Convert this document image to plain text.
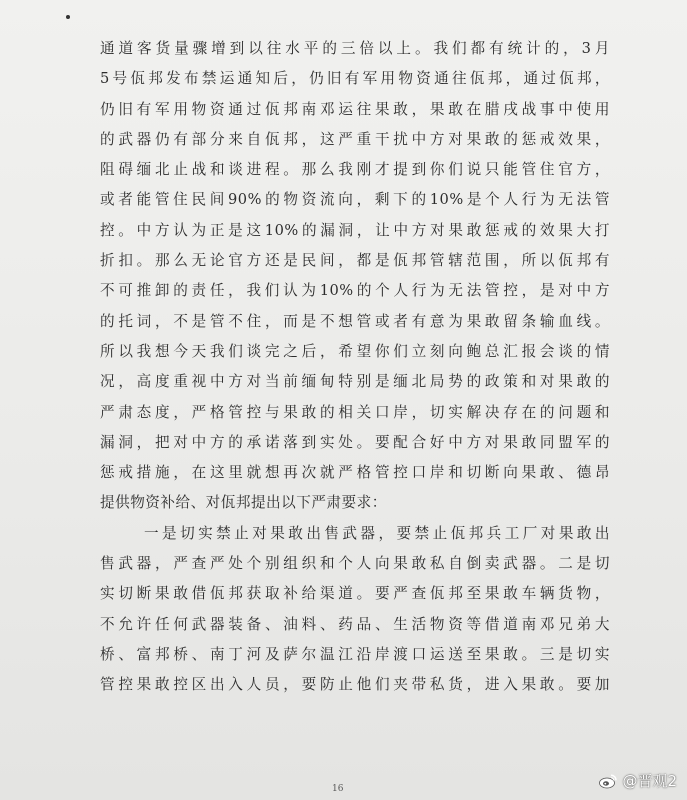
通道客货量骤增到以往水平的三倍以上。我们都有统计的，3月
5号佤邦发布禁运通知后，仍旧有军用物资通往佤邦，通过佤邦，
仍旧有军用物资通过佤邦南邓运往果敢，果敢在腊戌战事中使用
的武器仍有部分来自佤邦，这严重干扰中方对果敢的惩戒效果，
阻碍缅北止战和谈进程。那么我刚才提到你们说只能管住官方，
或者能管住民间90%的物资流向，剩下的10%是个人行为无法管
控。中方认为正是这10%的漏洞，让中方对果敢惩戒的效果大打
折扣。那么无论官方还是民间，都是佤邦管辖范围，所以佤邦有
不可推卸的责任，我们认为10%的个人行为无法管控，是对中方
的托词，不是管不住，而是不想管或者有意为果敢留条输血线。
所以我想今天我们谈完之后，希望你们立刻向鲍总汇报会谈的情
况，高度重视中方对当前缅甸特别是缅北局势的政策和对果敢的
严肃态度，严格管控与果敢的相关口岸，切实解决存在的问题和
漏洞，把对中方的承诺落到实处。要配合好中方对果敢同盟军的
惩戒措施，在这里就想再次就严格管控口岸和切断向果敢、德昂
提供物资补给、对佤邦提出以下严肃要求：
一是切实禁止对果敢出售武器，要禁止佤邦兵工厂对果敢出
售武器，严查严处个别组织和个人向果敢私自倒卖武器。二是切
实切断果敢借佤邦获取补给渠道。要严查佤邦至果敢车辆货物，
不允许任何武器装备、油料、药品、生活物资等借道南邓兄弟大
桥、富邦桥、南丁河及萨尔温江沿岸渡口运送至果敢。三是切实
管控果敢控区出入人员，要防止他们夹带私货，进入果敢。要加
16	@晋观2
